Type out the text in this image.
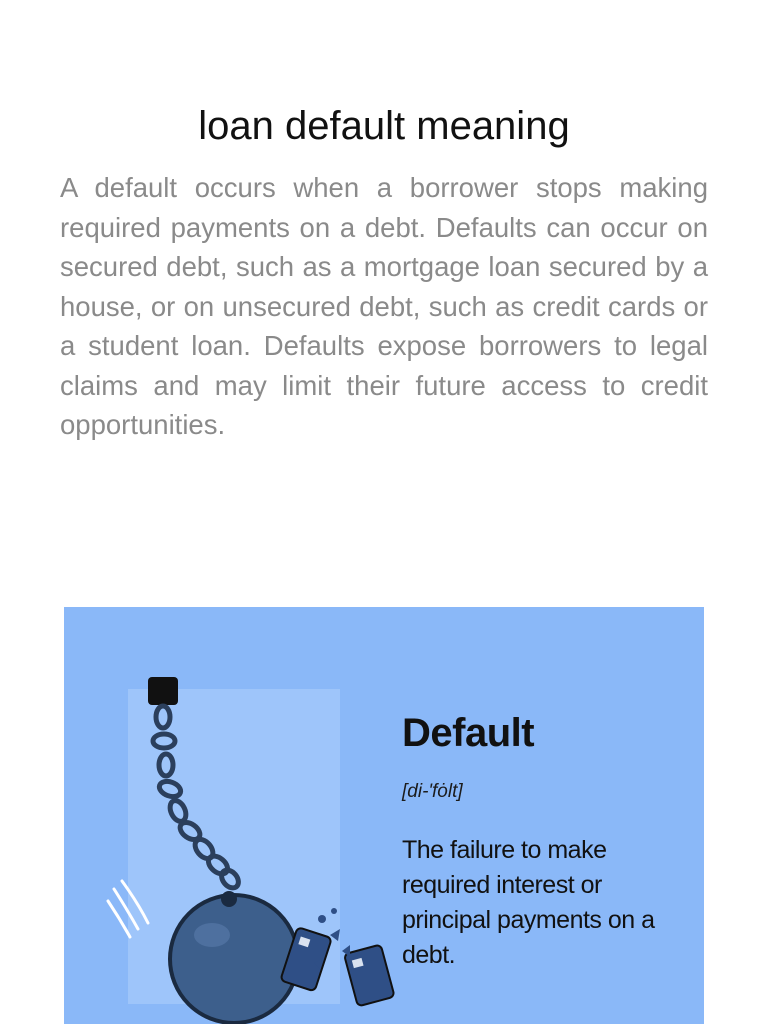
loan default meaning

A default occurs when a borrower stops making required payments on a debt. Defaults can occur on secured debt, such as a mortgage loan secured by a house, or on unsecured debt, such as credit cards or a student loan. Defaults expose borrowers to legal claims and may limit their future access to credit opportunities.

Default

[di-'fȯlt]

The failure to make required interest or principal payments on a debt.
